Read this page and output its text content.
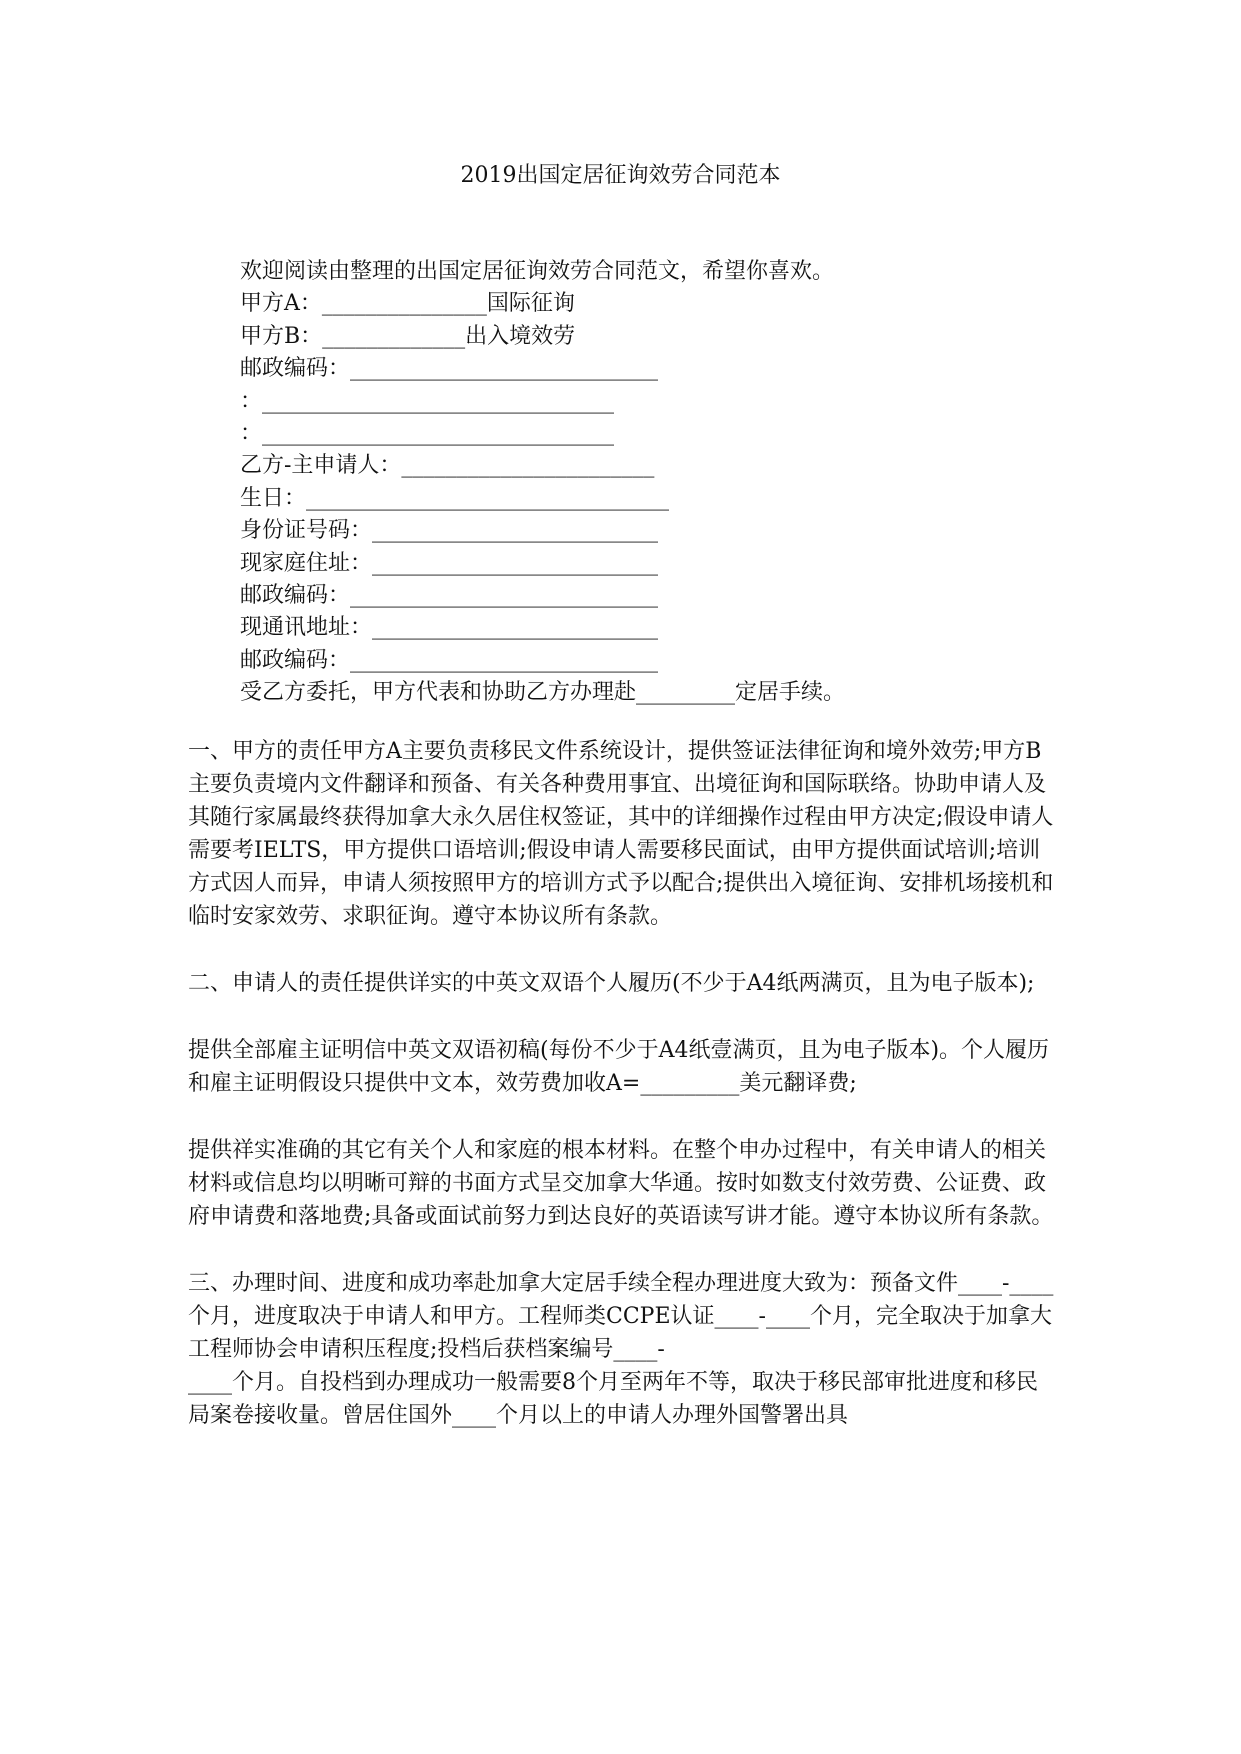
2019出国定居征询效劳合同范本
欢迎阅读由整理的出国定居征询效劳合同范文，希望你喜欢。
甲方A：_______________国际征询
甲方B：_____________出入境效劳
邮政编码：____________________________
：________________________________
：________________________________
乙方-主申请人：_______________________
生日：_________________________________
身份证号码：__________________________
现家庭住址：__________________________
邮政编码：____________________________
现通讯地址：__________________________
邮政编码：____________________________
受乙方委托，甲方代表和协助乙方办理赴_________定居手续。

一、甲方的责任甲方A主要负责移民文件系统设计，提供签证法律征询和境外效劳;甲方B主要负责境内文件翻译和预备、有关各种费用事宜、出境征询和国际联络。协助申请人及其随行家属最终获得加拿大永久居住权签证，其中的详细操作过程由甲方决定;假设申请人需要考IELTS，甲方提供口语培训;假设申请人需要移民面试，由甲方提供面试培训;培训方式因人而异，申请人须按照甲方的培训方式予以配合;提供出入境征询、安排机场接机和临时安家效劳、求职征询。遵守本协议所有条款。

二、申请人的责任提供详实的中英文双语个人履历(不少于A4纸两满页，且为电子版本);

提供全部雇主证明信中英文双语初稿(每份不少于A4纸壹满页，且为电子版本)。个人履历和雇主证明假设只提供中文本，效劳费加收A=_________美元翻译费;

提供祥实准确的其它有关个人和家庭的根本材料。在整个申办过程中，有关申请人的相关材料或信息均以明晰可辩的书面方式呈交加拿大华通。按时如数支付效劳费、公证费、政府申请费和落地费;具备或面试前努力到达良好的英语读写讲才能。遵守本协议所有条款。

三、办理时间、进度和成功率赴加拿大定居手续全程办理进度大致为：预备文件____-____个月，进度取决于申请人和甲方。工程师类CCPE认证____-____个月，完全取决于加拿大工程师协会申请积压程度;投档后获档案编号____-

____个月。自投档到办理成功一般需要8个月至两年不等，取决于移民部审批进度和移民局案卷接收量。曾居住国外____个月以上的申请人办理外国警署出具
